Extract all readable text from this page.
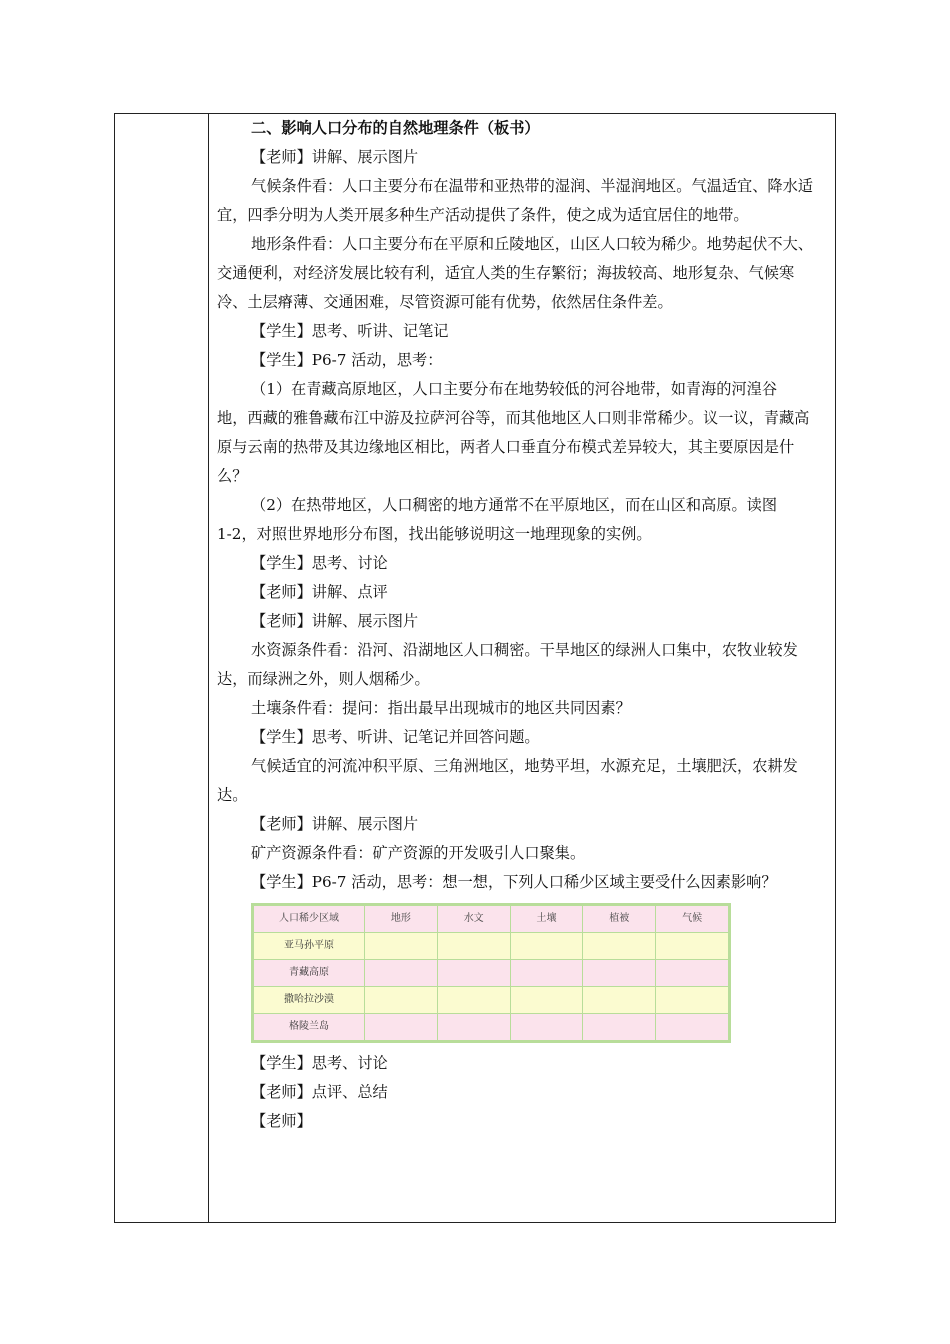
二、影响人口分布的自然地理条件（板书）

【老师】讲解、展示图片

气候条件看：人口主要分布在温带和亚热带的湿润、半湿润地区。气温适宜、降水适宜，四季分明为人类开展多种生产活动提供了条件，使之成为适宜居住的地带。

地形条件看：人口主要分布在平原和丘陵地区，山区人口较为稀少。地势起伏不大、交通便利，对经济发展比较有利，适宜人类的生存繁衍；海拔较高、地形复杂、气候寒冷、土层瘠薄、交通困难，尽管资源可能有优势，依然居住条件差。

【学生】思考、听讲、记笔记

【学生】P6-7 活动，思考：

（1）在青藏高原地区，人口主要分布在地势较低的河谷地带，如青海的河湟谷

地，西藏的雅鲁藏布江中游及拉萨河谷等，而其他地区人口则非常稀少。议一议，青藏高原与云南的热带及其边缘地区相比，两者人口垂直分布模式差异较大，其主要原因是什么？

（2）在热带地区，人口稠密的地方通常不在平原地区，而在山区和高原。读图

1-2，对照世界地形分布图，找出能够说明这一地理现象的实例。

【学生】思考、讨论

【老师】讲解、点评

【老师】讲解、展示图片

水资源条件看：沿河、沿湖地区人口稠密。干旱地区的绿洲人口集中，农牧业较发达，而绿洲之外，则人烟稀少。

土壤条件看：提问：指出最早出现城市的地区共同因素？

【学生】思考、听讲、记笔记并回答问题。

气候适宜的河流冲积平原、三角洲地区，地势平坦，水源充足，土壤肥沃，农耕发达。

【老师】讲解、展示图片

矿产资源条件看：矿产资源的开发吸引人口聚集。

【学生】P6-7 活动，思考：想一想，下列人口稀少区域主要受什么因素影响？

人口稀少区域	地形	水文	土壤	植被	气候
亚马孙平原					
青藏高原					
撒哈拉沙漠					
格陵兰岛					

【学生】思考、讨论

【老师】点评、总结

【老师】
